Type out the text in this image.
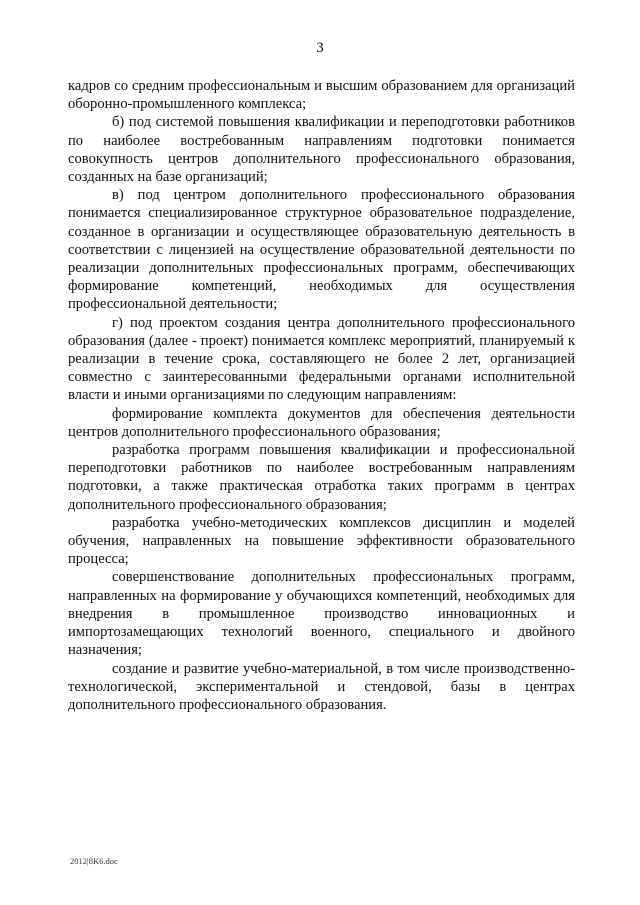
3

кадров со средним профессиональным и высшим образованием для организаций оборонно-промышленного комплекса;

б) под системой повышения квалификации и переподготовки работников по наиболее востребованным направлениям подготовки понимается совокупность центров дополнительного профессионального образования, созданных на базе организаций;

в) под центром дополнительного профессионального образования понимается специализированное структурное образовательное подразделение, созданное в организации и осуществляющее образовательную деятельность в соответствии с лицензией на осуществление образовательной деятельности по реализации дополнительных профессиональных программ, обеспечивающих формирование компетенций, необходимых для осуществления профессиональной деятельности;

г) под проектом создания центра дополнительного профессионального образования (далее - проект) понимается комплекс мероприятий, планируемый к реализации в течение срока, составляющего не более 2 лет, организацией совместно с заинтересованными федеральными органами исполнительной власти и иными организациями по следующим направлениям:

формирование комплекта документов для обеспечения деятельности центров дополнительного профессионального образования;

разработка программ повышения квалификации и профессиональной переподготовки работников по наиболее востребованным направлениям подготовки, а также практическая отработка таких программ в центрах дополнительного профессионального образования;

разработка учебно-методических комплексов дисциплин и моделей обучения, направленных на повышение эффективности образовательного процесса;

совершенствование дополнительных профессиональных программ, направленных на формирование у обучающихся компетенций, необходимых для внедрения в промышленное производство инновационных и импортозамещающих технологий военного, специального и двойного назначения;

создание и развитие учебно-материальной, в том числе производственно-технологической, экспериментальной и стендовой, базы в центрах дополнительного профессионального образования.

2012|8K6.doc
